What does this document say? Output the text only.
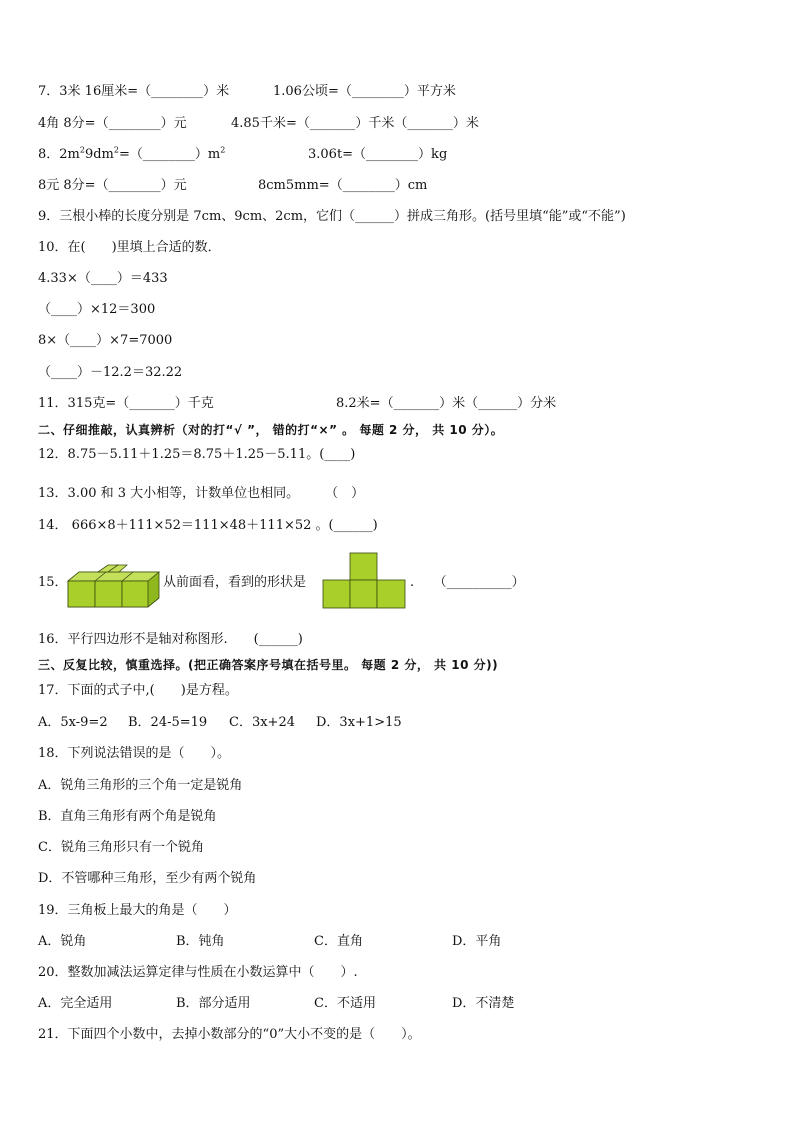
7．3米 16厘米=（________）米	1.06公顷=（________）平方米
4角 8分=（________）元	4.85千米=（_______）千米（_______）米
8．$2m^29dm^2=(\_\_\_\_\_\_\_\_)m^2$	3.06t=（________）kg
8元 8分=（________）元	8cm5mm=（________）cm
9．三根小棒的长度分别是 7cm、9cm、2cm，它们（______）拼成三角形。(括号里填“能”或“不能”)
10．在(　　)里填上合适的数．
4.33×（____）＝433
（____）×12＝300
8×（____）×7=7000
（____）－12.2＝32.22
11．315克=（_______）千克	8.2米=（_______）米（______）分米
二、仔细推敲，认真辨析（对的打“√ ”， 错的打“×” 。 每题 2 分， 共 10 分）。
12．8.75－5.11＋1.25＝8.75＋1.25－5.11。(____)
13．3.00 和 3 大小相等，计数单位也相同。　　　（　）
14． 666×8＋111×52＝111×48＋111×52 。(______)
15．	从前面看，看到的形状是	.　　（__________）
16．平行四边形不是轴对称图形.　　(______)
三、反复比较，慎重选择。(把正确答案序号填在括号里。 每题 2 分， 共 10 分))
17．下面的式子中,(　　)是方程。
A．5x-9=2 B．24-5=19 C．3x+24 D．3x+1>15
18．下列说法错误的是（　　）。
A．锐角三角形的三个角一定是锐角
B．直角三角形有两个角是锐角
C．锐角三角形只有一个锐角
D．不管哪种三角形，至少有两个锐角
19．三角板上最大的角是（　　）
A．锐角	B．钝角	C．直角	D．平角
20．整数加减法运算定律与性质在小数运算中（　　）.
A．完全适用	B．部分适用	C．不适用	D．不清楚
21．下面四个小数中，去掉小数部分的“0”大小不变的是（　　）。
